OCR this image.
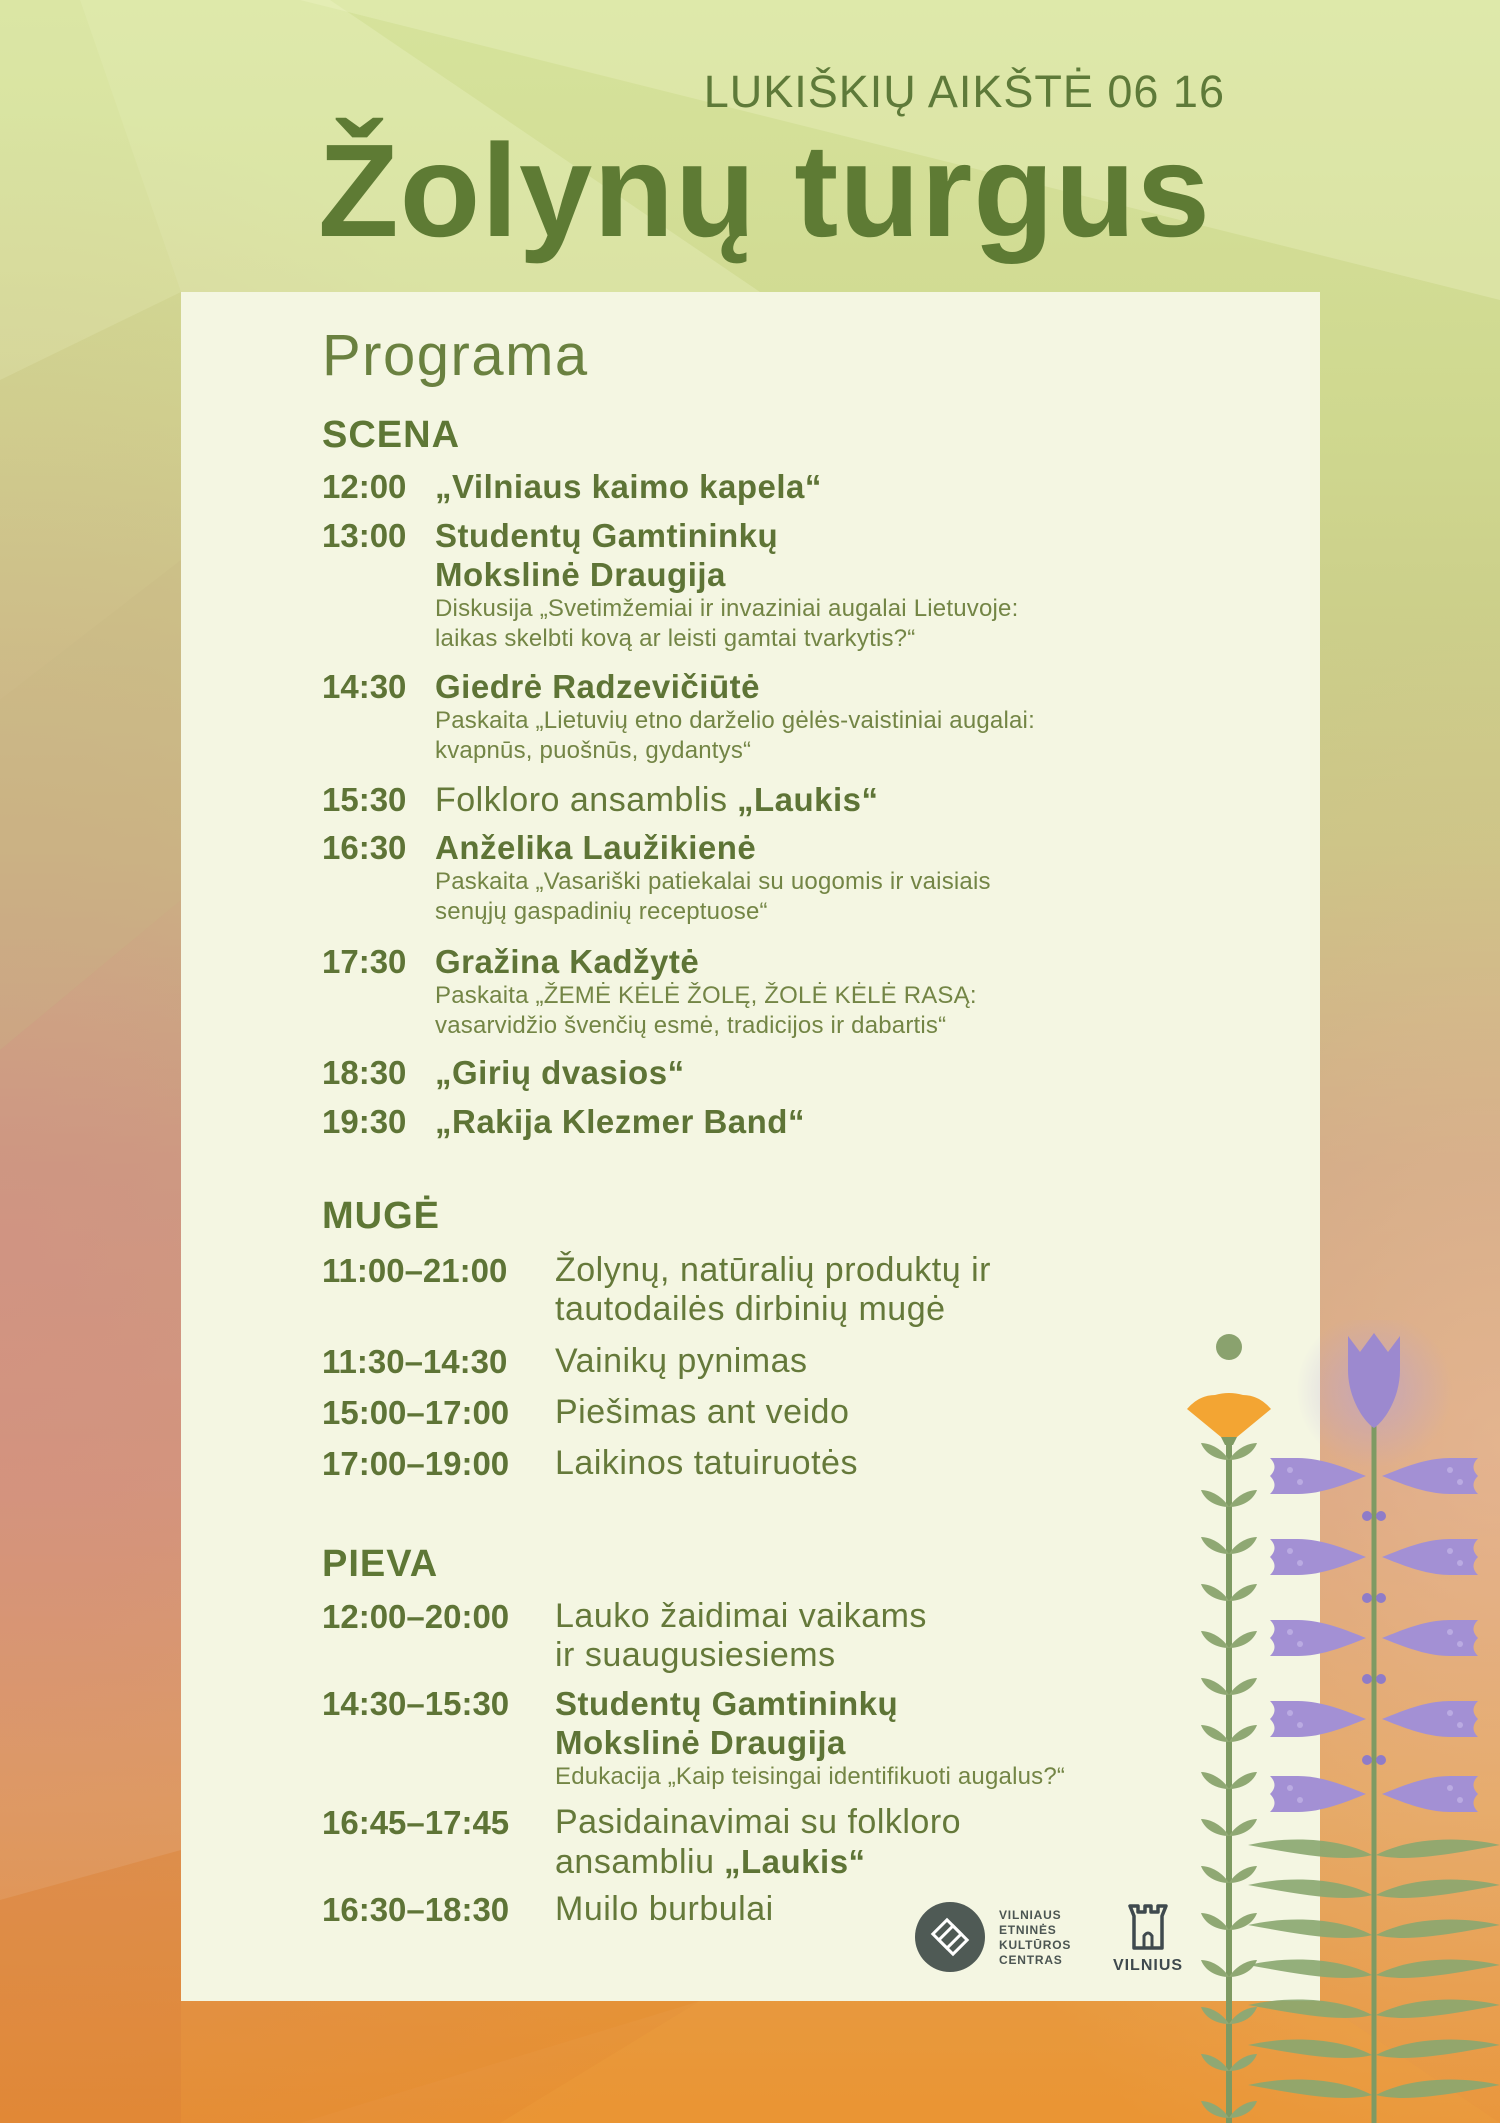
LUKIŠKIŲ AIKŠTĖ 06 16
Žolynų turgus
Programa
SCENA
12:00 „Vilniaus kaimo kapela“
13:00 Studentų Gamtininkų
Mokslinė Draugija
Diskusija „Svetimžemiai ir invaziniai augalai Lietuvoje:
laikas skelbti kovą ar leisti gamtai tvarkytis?“
14:30 Giedrė Radzevičiūtė
Paskaita „Lietuvių etno darželio gėlės-vaistiniai augalai:
kvapnūs, puošnūs, gydantys“
15:30 Folkloro ansamblis „Laukis“
16:30 Anželika Laužikienė
Paskaita „Vasariški patiekalai su uogomis ir vaisiais
senųjų gaspadinių receptuose“
17:30 Gražina Kadžytė
Paskaita „ŽEMĖ KĖLĖ ŽOLĘ, ŽOLĖ KĖLĖ RASĄ:
vasarvidžio švenčių esmė, tradicijos ir dabartis“
18:30 „Girių dvasios“
19:30 „Rakija Klezmer Band“
MUGĖ
11:00–21:00 Žolynų, natūralių produktų ir
tautodailės dirbinių mugė
11:30–14:30 Vainikų pynimas
15:00–17:00 Piešimas ant veido
17:00–19:00 Laikinos tatuiruotės
PIEVA
12:00–20:00 Lauko žaidimai vaikams
ir suaugusiesiems
14:30–15:30 Studentų Gamtininkų
Mokslinė Draugija
Edukacija „Kaip teisingai identifikuoti augalus?“
16:45–17:45 Pasidainavimai su folkloro
ansambliu „Laukis“
16:30–18:30 Muilo burbulai	VILNIAUS
ETNINĖS
KULTŪROS
CENTRAS	VILNIUS
